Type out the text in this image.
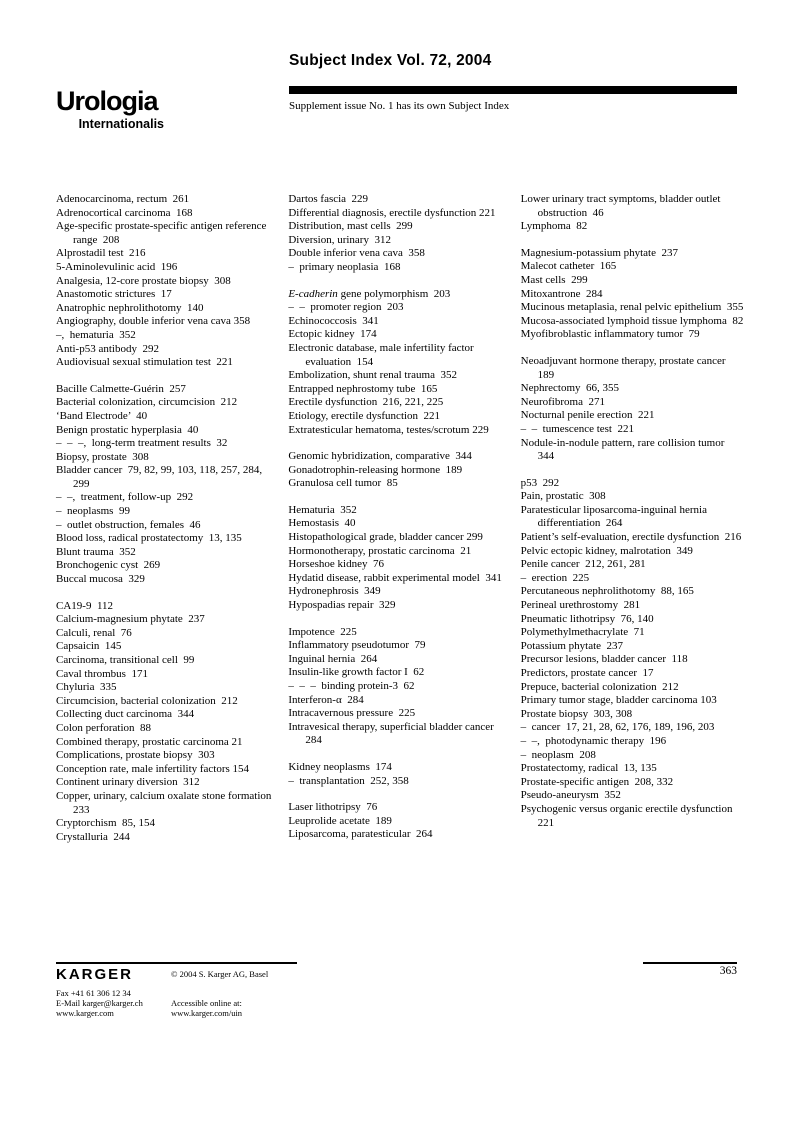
Urologia
Internationalis
Subject Index Vol. 72, 2004
Supplement issue No. 1 has its own Subject Index
Adenocarcinoma, rectum  261
Adrenocortical carcinoma  168
Age-specific prostate-specific antigen reference range  208
Alprostadil test  216
5-Aminolevulinic acid  196
Analgesia, 12-core prostate biopsy  308
Anastomotic strictures  17
Anatrophic nephrolithotomy  140
Angiography, double inferior vena cava 358
–,  hematuria  352
Anti-p53 antibody  292
Audiovisual sexual stimulation test  221
Bacille Calmette-Guérin  257
Bacterial colonization, circumcision  212
‘Band Electrode’  40
Benign prostatic hyperplasia  40
–  –  –,  long-term treatment results  32
Biopsy, prostate  308
Bladder cancer  79, 82, 99, 103, 118, 257, 284, 299
–  –,  treatment, follow-up  292
–  neoplasms  99
–  outlet obstruction, females  46
Blood loss, radical prostatectomy  13, 135
Blunt trauma  352
Bronchogenic cyst  269
Buccal mucosa  329
CA19-9  112
Calcium-magnesium phytate  237
Calculi, renal  76
Capsaicin  145
Carcinoma, transitional cell  99
Caval thrombus  171
Chyluria  335
Circumcision, bacterial colonization  212
Collecting duct carcinoma  344
Colon perforation  88
Combined therapy, prostatic carcinoma 21
Complications, prostate biopsy  303
Conception rate, male infertility factors 154
Continent urinary diversion  312
Copper, urinary, calcium oxalate stone formation  233
Cryptorchism  85, 154
Crystalluria  244
Dartos fascia  229
Differential diagnosis, erectile dysfunction 221
Distribution, mast cells  299
Diversion, urinary  312
Double inferior vena cava  358
–  primary neoplasia  168
E-cadherin gene polymorphism  203
–  –  promoter region  203
Echinococcosis  341
Ectopic kidney  174
Electronic database, male infertility factor evaluation  154
Embolization, shunt renal trauma  352
Entrapped nephrostomy tube  165
Erectile dysfunction  216, 221, 225
Etiology, erectile dysfunction  221
Extratesticular hematoma, testes/scrotum 229
Genomic hybridization, comparative  344
Gonadotrophin-releasing hormone  189
Granulosa cell tumor  85
Hematuria  352
Hemostasis  40
Histopathological grade, bladder cancer 299
Hormonotherapy, prostatic carcinoma  21
Horseshoe kidney  76
Hydatid disease, rabbit experimental model  341
Hydronephrosis  349
Hypospadias repair  329
Impotence  225
Inflammatory pseudotumor  79
Inguinal hernia  264
Insulin-like growth factor I  62
–  –  –  binding protein-3  62
Interferon-α  284
Intracavernous pressure  225
Intravesical therapy, superficial bladder cancer  284
Kidney neoplasms  174
–  transplantation  252, 358
Laser lithotripsy  76
Leuprolide acetate  189
Liposarcoma, paratesticular  264
Lower urinary tract symptoms, bladder outlet obstruction  46
Lymphoma  82
Magnesium-potassium phytate  237
Malecot catheter  165
Mast cells  299
Mitoxantrone  284
Mucinous metaplasia, renal pelvic epithelium  355
Mucosa-associated lymphoid tissue lymphoma  82
Myofibroblastic inflammatory tumor  79
Neoadjuvant hormone therapy, prostate cancer  189
Nephrectomy  66, 355
Neurofibroma  271
Nocturnal penile erection  221
–  –  tumescence test  221
Nodule-in-nodule pattern, rare collision tumor  344
p53  292
Pain, prostatic  308
Paratesticular liposarcoma-inguinal hernia differentiation  264
Patient’s self-evaluation, erectile dysfunction  216
Pelvic ectopic kidney, malrotation  349
Penile cancer  212, 261, 281
–  erection  225
Percutaneous nephrolithotomy  88, 165
Perineal urethrostomy  281
Pneumatic lithotripsy  76, 140
Polymethylmethacrylate  71
Potassium phytate  237
Precursor lesions, bladder cancer  118
Predictors, prostate cancer  17
Prepuce, bacterial colonization  212
Primary tumor stage, bladder carcinoma 103
Prostate biopsy  303, 308
–  cancer  17, 21, 28, 62, 176, 189, 196, 203
–  –,  photodynamic therapy  196
–  neoplasm  208
Prostatectomy, radical  13, 135
Prostate-specific antigen  208, 332
Pseudo-aneurysm  352
Psychogenic versus organic erectile dysfunction  221
KARGER	© 2004 S. Karger AG, Basel
Fax +41 61 306 12 34
E-Mail karger@karger.ch
www.karger.com
Accessible online at:
www.karger.com/uin
363
